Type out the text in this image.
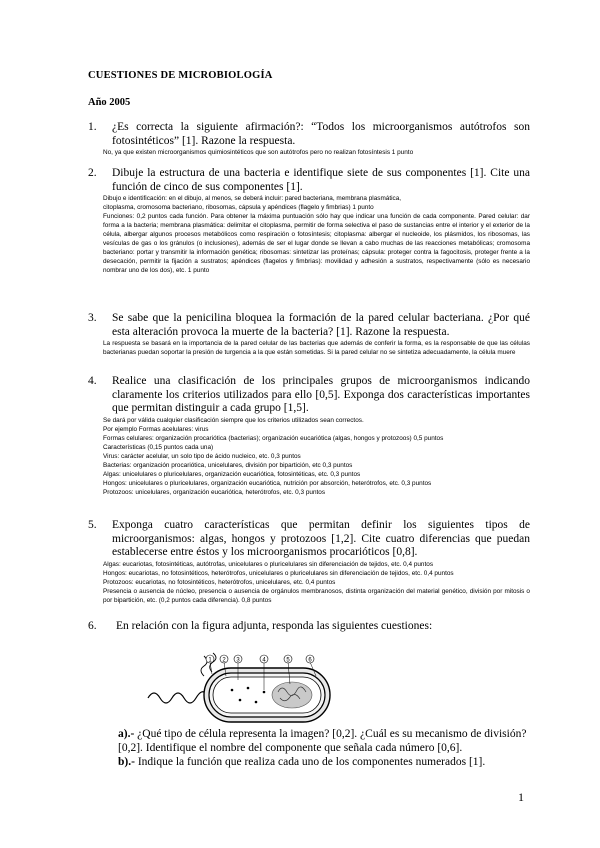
CUESTIONES DE MICROBIOLOGÍA
Año 2005
1. ¿Es correcta la siguiente afirmación?: “Todos los microorganismos autótrofos son fotosintéticos” [1]. Razone la respuesta.

No, ya que existen microorganismos quimiosintéticos que son autótrofos pero no realizan fotosíntesis 1 punto

2. Dibuje la estructura de una bacteria e identifique siete de sus componentes [1]. Cite una función de cinco de sus componentes [1].

Dibujo e identificación: en el dibujo, al menos, se deberá incluir: pared bacteriana, membrana plasmática,

citoplasma, cromosoma bacteriano, ribosomas, cápsula y apéndices (flagelo y fimbrias) 1 punto

Funciones: 0,2 puntos cada función. Para obtener la máxima puntuación sólo hay que indicar una función de cada componente. Pared celular: dar forma a la bacteria; membrana plasmática: delimitar el citoplasma, permitir de forma selectiva el paso de sustancias entre el interior y el exterior de la célula, albergar algunos procesos metabólicos como respiración o fotosíntesis; citoplasma: albergar el nucleoide, los plásmidos, los ribosomas, las vesículas de gas o los gránulos (o inclusiones), además de ser el lugar donde se llevan a cabo muchas de las reacciones metabólicas; cromosoma bacteriano: portar y transmitir la información genética; ribosomas: sintetizar las proteínas; cápsula: proteger contra la fagocitosis, proteger frente a la desecación, permitir la fijación a sustratos; apéndices (flagelos y fimbrias): movilidad y adhesión a sustratos, respectivamente (sólo es necesario nombrar uno de los dos), etc. 1 punto

3. Se sabe que la penicilina bloquea la formación de la pared celular bacteriana. ¿Por qué esta alteración provoca la muerte de la bacteria? [1]. Razone la respuesta.

La respuesta se basará en la importancia de la pared celular de las bacterias que además de conferir la forma, es la responsable de que las células bacterianas puedan soportar la presión de turgencia a la que están sometidas. Si la pared celular no se sintetiza adecuadamente, la célula muere

4. Realice una clasificación de los principales grupos de microorganismos indicando claramente los criterios utilizados para ello [0,5]. Exponga dos características importantes que permitan distinguir a cada grupo [1,5].

Se dará por válida cualquier clasificación siempre que los criterios utilizados sean correctos.

Por ejemplo Formas acelulares: virus

Formas celulares: organización procariótica (bacterias); organización eucariótica (algas, hongos y protozoos) 0,5 puntos

Características (0,15 puntos cada una)

Virus: carácter acelular, un solo tipo de ácido nucleico, etc. 0,3 puntos

Bacterias: organización procariótica, unicelulares, división por bipartición, etc 0,3 puntos

Algas: unicelulares o pluricelulares, organización eucariótica, fotosintéticas, etc. 0,3 puntos

Hongos: unicelulares o pluricelulares, organización eucariótica, nutrición por absorción, heterótrofos, etc. 0,3 puntos

Protozoos: unicelulares, organización eucariótica, heterótrofos, etc. 0,3 puntos

5. Exponga cuatro características que permitan definir los siguientes tipos de microorganismos: algas, hongos y protozoos [1,2]. Cite cuatro diferencias que puedan establecerse entre éstos y los microorganismos procarióticos [0,8].

Algas: eucariotas, fotosintéticas, autótrofas, unicelulares o pluricelulares sin diferenciación de tejidos, etc. 0,4 puntos

Hongos: eucariotas, no fotosintéticos, heterótrofos, unicelulares o pluricelulares sin diferenciación de tejidos, etc. 0,4 puntos

Protozoos: eucariotas, no fotosintéticos, heterótrofos, unicelulares, etc. 0,4 puntos

Presencia o ausencia de núcleo, presencia o ausencia de orgánulos membranosos, distinta organización del material genético, división por mitosis o por bipartición, etc. (0,2 puntos cada diferencia). 0,8 puntos

6. En relación con la figura adjunta, responda las siguientes cuestiones:
1 2 3	4	5	6

a).- ¿Qué tipo de célula representa la imagen? [0,2]. ¿Cuál es su mecanismo de división? [0,2]. Identifique el nombre del componente que señala cada número [0,6].

b).- Indique la función que realiza cada uno de los componentes numerados [1].

1
